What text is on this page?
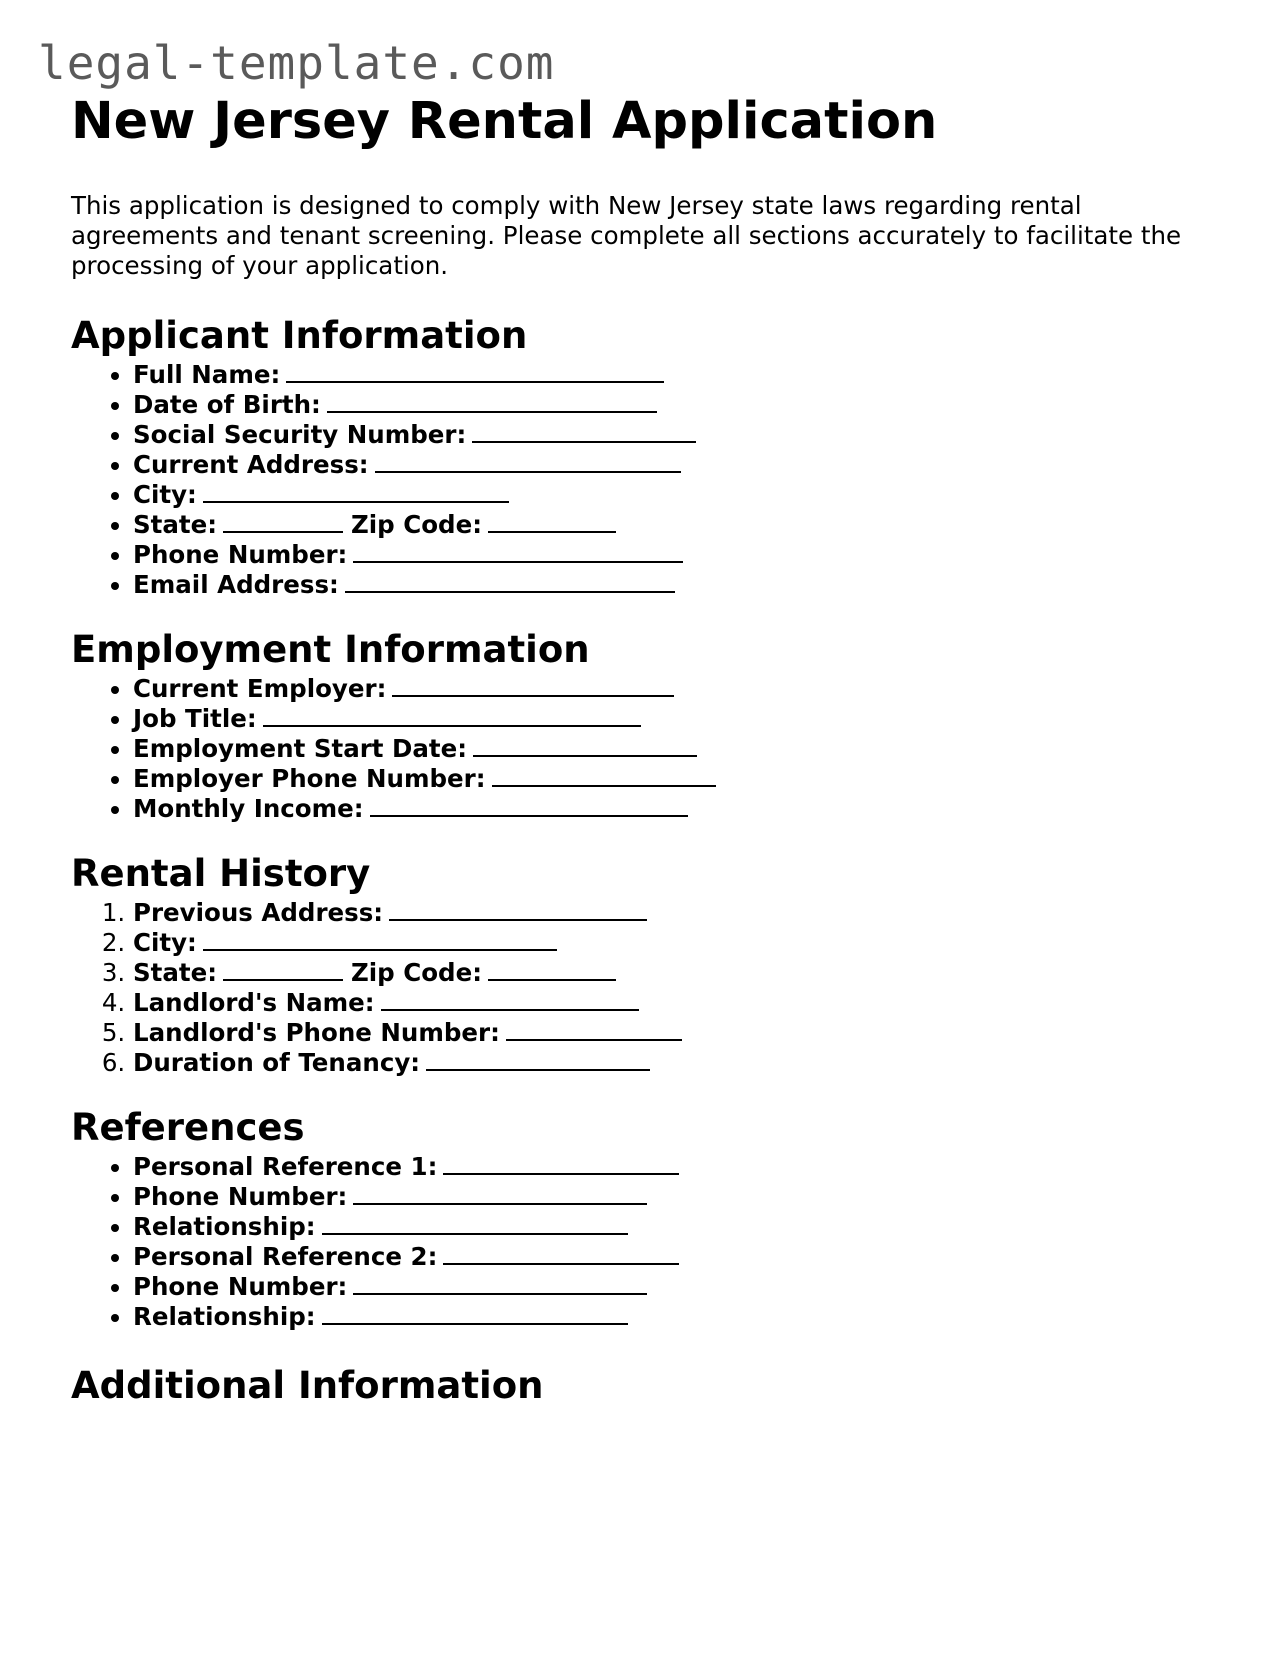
legal-template.com
New Jersey Rental Application

This application is designed to comply with New Jersey state laws regarding rental agreements and tenant screening. Please complete all sections accurately to facilitate the processing of your application.

Applicant Information
• Full Name:
• Date of Birth:
• Social Security Number:
• Current Address:
• City:
• State:	Zip Code:
• Phone Number:
• Email Address:
Employment Information
• Current Employer:
• Job Title:
• Employment Start Date:
• Employer Phone Number:
• Monthly Income:
Rental History
1. Previous Address:
2. City:
3. State:	Zip Code:
4. Landlord's Name:
5. Landlord's Phone Number:
6. Duration of Tenancy:
References
• Personal Reference 1:
• Phone Number:
• Relationship:
• Personal Reference 2:
• Phone Number:
• Relationship:
Additional Information
